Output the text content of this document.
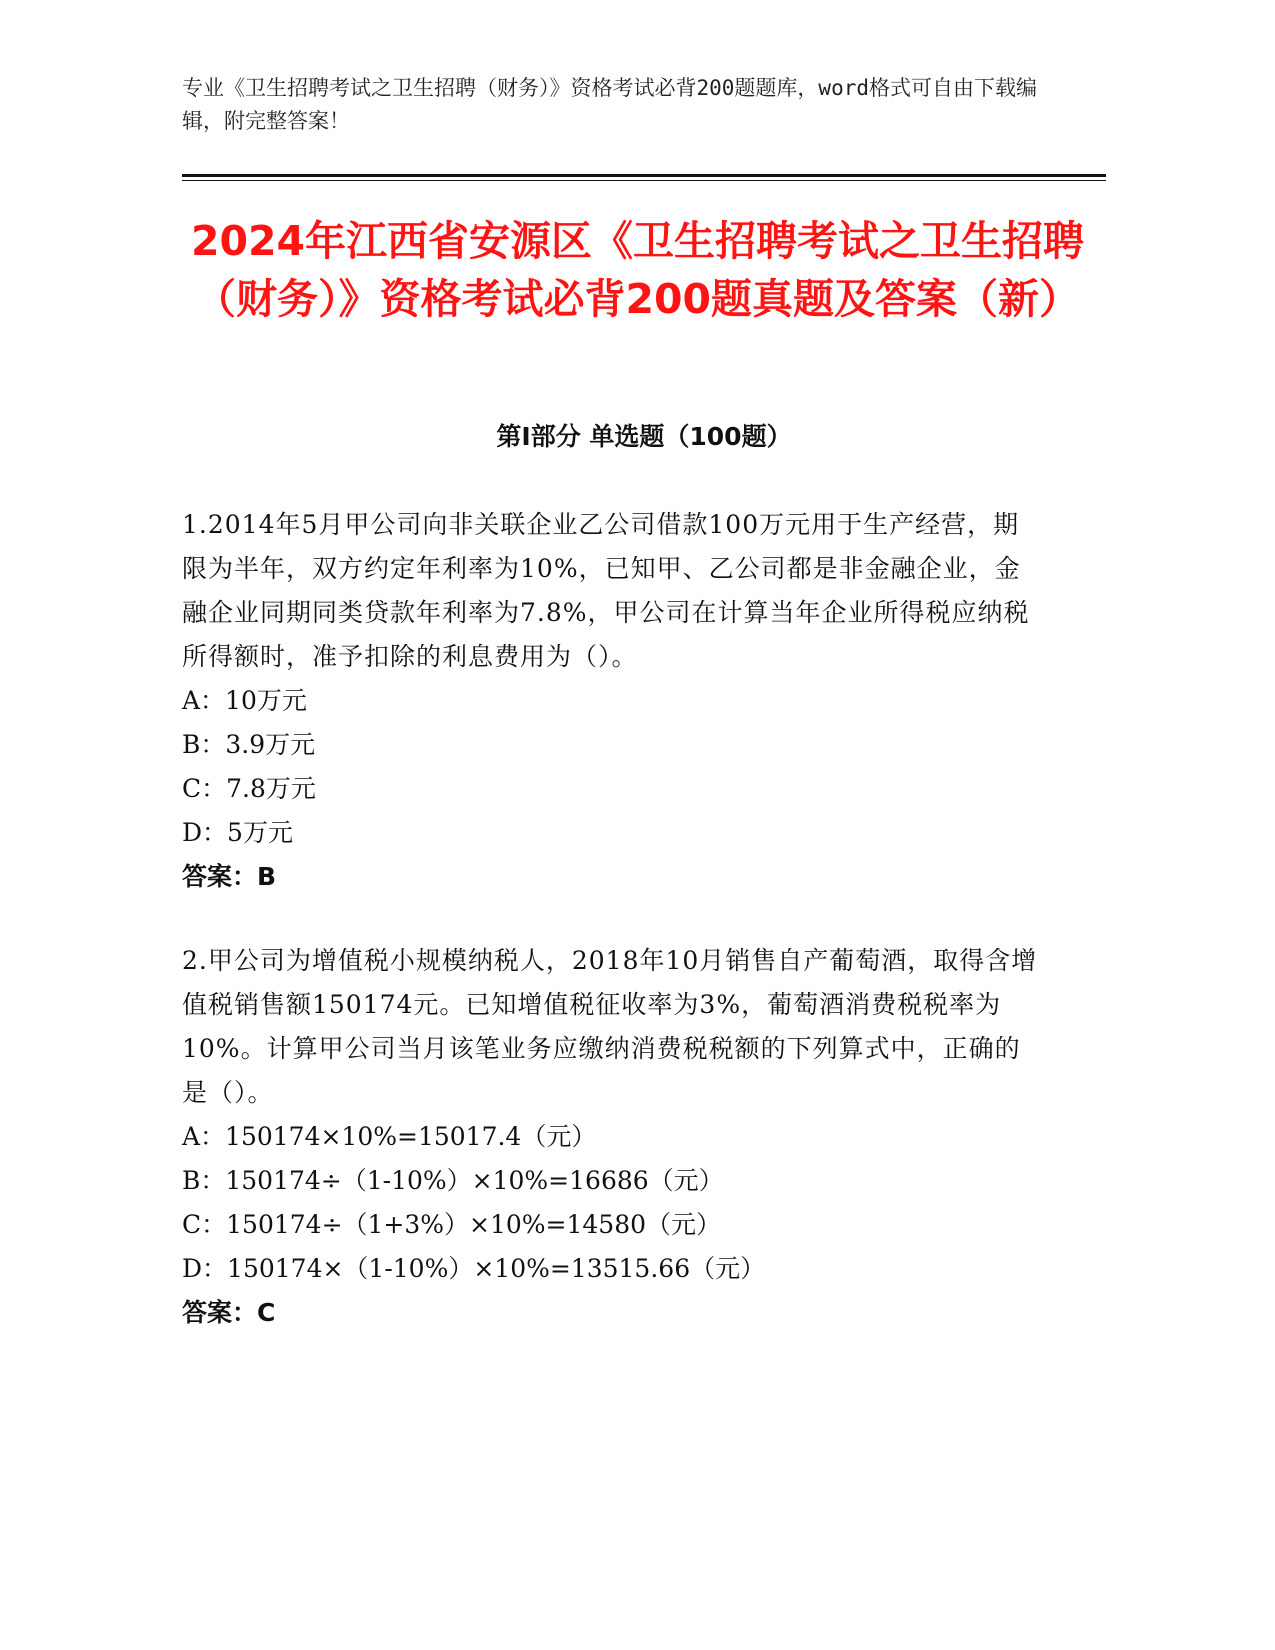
专业《卫生招聘考试之卫生招聘（财务）》资格考试必背200题题库，word格式可自由下载编辑，附完整答案！
2024年江西省安源区《卫生招聘考试之卫生招聘（财务）》资格考试必背200题真题及答案（新）
第Ⅰ部分 单选题（100题）
1.2014年5月甲公司向非关联企业乙公司借款100万元用于生产经营，期限为半年，双方约定年利率为10%，已知甲、乙公司都是非金融企业，金融企业同期同类贷款年利率为7.8%，甲公司在计算当年企业所得税应纳税所得额时，准予扣除的利息费用为（）。
A：10万元
B：3.9万元
C：7.8万元
D：5万元
答案：B
2.甲公司为增值税小规模纳税人，2018年10月销售自产葡萄酒，取得含增值税销售额150174元。已知增值税征收率为3%，葡萄酒消费税税率为10%。计算甲公司当月该笔业务应缴纳消费税税额的下列算式中，正确的是（）。
A：150174×10%=15017.4（元）
B：150174÷（1-10%）×10%=16686（元）
C：150174÷（1+3%）×10%=14580（元）
D：150174×（1-10%）×10%=13515.66（元）
答案：C
